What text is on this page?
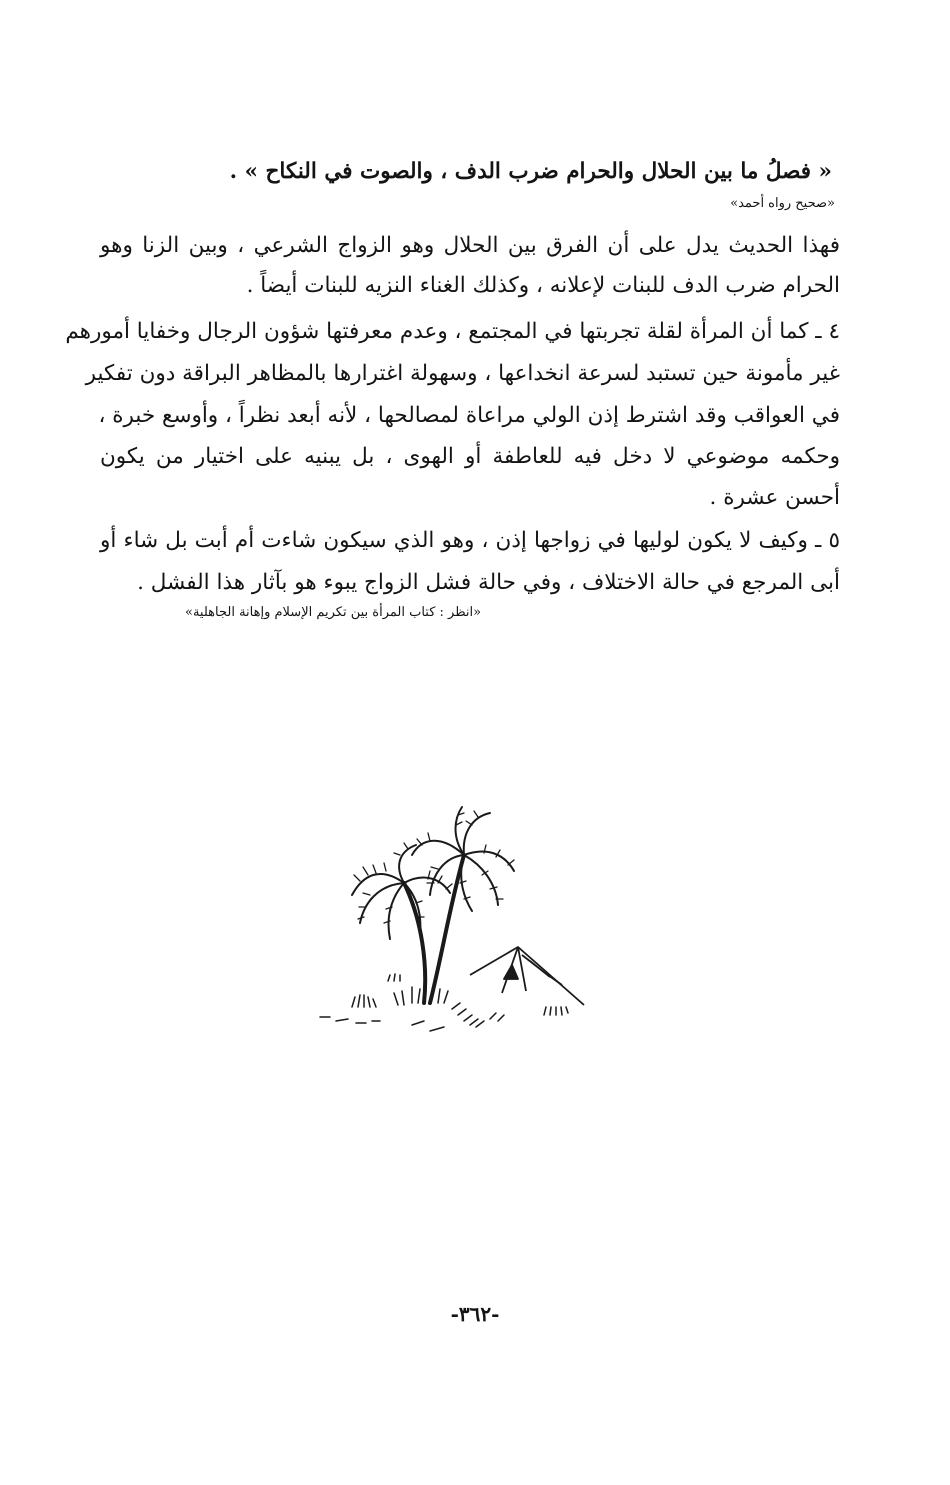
« فصلُ ما بين الحلال والحرام ضرب الدف ، والصوت في النكاح » .

«صحيح رواه أحمد»

فهذا الحديث يدل على أن الفرق بين الحلال وهو الزواج الشرعي ، وبين الزنا وهو

الحرام ضرب الدف للبنات لإعلانه ، وكذلك الغناء النزيه للبنات أيضاً .

٤ ـ كما أن المرأة لقلة تجربتها في المجتمع ، وعدم معرفتها شؤون الرجال وخفايا أمورهم

غير مأمونة حين تستبد لسرعة انخداعها ، وسهولة اغترارها بالمظاهر البراقة دون تفكير

في العواقب وقد اشترط إذن الولي مراعاة لمصالحها ، لأنه أبعد نظراً ، وأوسع خبرة ،

وحكمه موضوعي لا دخل فيه للعاطفة أو الهوى ، بل يبنيه على اختيار من يكون

أحسن عشرة .

٥ ـ وكيف لا يكون لوليها في زواجها إذن ، وهو الذي سيكون شاءت أم أبت بل شاء أو

أبى المرجع في حالة الاختلاف ، وفي حالة فشل الزواج يبوء هو بآثار هذا الفشل .

«انظر : كتاب المرأة بين تكريم الإسلام وإهانة الجاهلية»

-٣٦٢-
